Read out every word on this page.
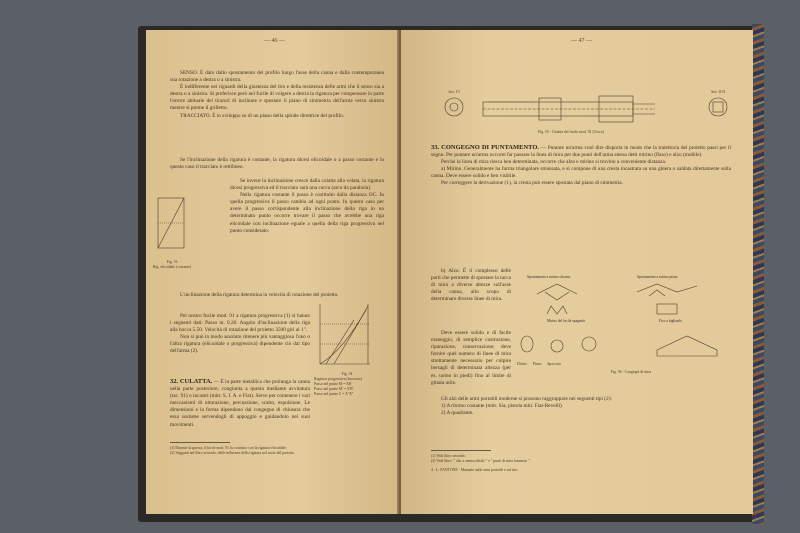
— 46 —

SENSO. È dato dallo spostamento del profilo lungo l'asse della canna e dalla contemporanea sua rotazione a destra o a sinistra.

È indifferente nei riguardi della giustezza del tiro e della resistenza delle armi che il senso sia a destra o a sinistra. Si preferisce però nel fucile di volgere a destra la rigatura per compensare in parte l'errore abituale dei tiratori di inclinare e spostare il piano di simmetria dell'arma verso sinistra mentre si preme il grilletto.

TRACCIATO. È lo sviluppo su di un piano della spirale direttrice del profilo.

Se l'inclinazione della rigatura è costante, la rigatura dicesi elicoidale o a passo costante e in questo caso il tracciato è rettilineo.

Fig. 53
Rig. elicoidale (costante)

Se invece la inclinazione cresce dalla culatta alla volata, la rigatura dicesi progressiva ed il tracciato sarà una curva (arco da parabola).

Nella rigatura costante il passo è costituito dalla distanza OC. In quella progressiva il passo cambia ad ogni punto. In questo caso per avere il passo corrispondente alla inclinazione della riga in un determinato punto occorre trovare il passo che avrebbe una riga elicoidale con inclinazione eguale a quella della riga progressiva nel punto considerato.

L'inclinazione della rigatura determina la velocità di rotazione del proietto.

Pel nostro fucile mod. 91 a rigatura progressiva (1) si hanno i seguenti dati: Passo m. 0.20. Angolo d'inclinazione della riga alla bocca 5.50. Velocità di rotazione del proietto 3500 giri al 1".

Non si può in modo assoluto ritenere più vantaggiosa l'uno o l'altra rigatura (elicoidale o progressiva) dipendente ciò dal tipo dell'arma (2).

Fig. 54
Rigatura progressiva (tracciato)
Passo nel punto M = AB
Passo nel punto M' = A'B'
Passo nel punto C = A"E"

32. CULATTA. — È la parte metallica che prolunga la canna nella parte posteriore, congiunta a questa mediante avvitatura (tac. 91) o incastri (mitr. S. I. A. e Fiat). Serve per contenere i vari meccanismi di otturazione, percussione, scatto, espulsione. Le dimensioni e la forma dipendono dal congegno di chiusura che essa sostiene servendogli di appoggio e guidandolo nei suoi movimenti.

(1) Durante la guerra, il fucile mod. 91 fu costruito con la rigatura elicoidale.
(2) Vegganti nel libro secondo, delle influenze della rigatura nel moto del proietto.
— 47 —
Sez. I-I	Sez. II-II
Fig. 55 - Culatta del fucile mod. 91 (Gisco)

33. CONGEGNO DI PUNTAMENTO. — Puntare un'arma vuol dire disporla in modo che la traiettoria del proietto passi per il segno. Per puntare un'arma occorre far passare la linea di mira per due punti dell'arma stessa detti mirino (fisso) e alzo (mobile).

Perché la linea di mira riesca ben determinata, occorre che alzo e mirino si trovino a conveniente distanza.

a) Mirino. Generalmente ha forma triangolare smussata, e si compone di una cresta incastrata su una ghiera o saldata direttamente sulla canna. Deve essere solido e ben visibile.

Per correggere la derivazione (1), la cresta può essere spostata dal piano di simmetria.

b) Alzo. È il complesso delle parti che permette di spostare la tacca di mira a diverse altezze sull'asse della canna, allo scopo di determinare diverse linee di mira.

Spostamento a mirino sfiorato	Spostamento a mirino pieno
Mirino del fucile spagnolo	Fico a bigliardo
Diritto Pieno Spaccato
Fig. 56 - Congegni di mira

Deve essere solido e di facile maneggio, di semplice costruzione, riparazione, conservazione; deve fornire quel numero di linee di mira strettamente necessario per colpire bersagli di determinata altezza (per es. uomo in piedi) fino al limite di gittata utile.

Gli alzi delle armi portatili moderne si possono raggruppare nei seguenti tipi (2):

1) A ritorno costante (mitr. Sia, pistola mitr. Fiat-Revelli).

2) A quadrante.

(1) Vedi libro secondo.
(2) Vedi libro: " alzi a cannocchiale " e " punti di mira luminosi ".
4 - L. FANTONE - Manuale sulle armi portatili e sul tiro.
